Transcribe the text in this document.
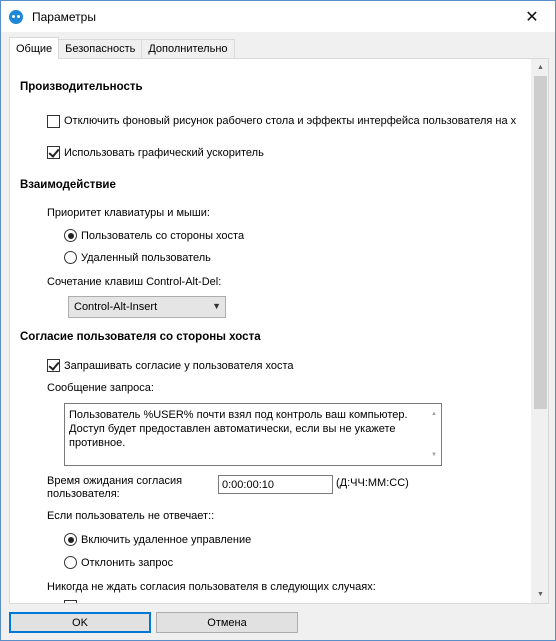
Параметры	✕
Общие	Безопасность	Дополнительно
Производительность
Отключить фоновый рисунок рабочего стола и эффекты интерфейса пользователя на х
Использовать графический ускоритель
Взаимодействие
Приоритет клавиатуры и мыши:
Пользователь со стороны хоста
Удаленный пользователь
Сочетание клавиш Control-Alt-Del:
Control-Alt-Insert	▼
Согласие пользователя со стороны хоста
Запрашивать согласие у пользователя хоста
Сообщение запроса:
Пользователь %USER% почти взял под контроль ваш компьютер. Доступ будет предоставлен автоматически, если вы не укажете противное.
▲
▼
Время ожидания согласия
пользователя:
0:00:00:10	(Д:ЧЧ:ММ:СС)
Если пользователь не отвечает::
Включить удаленное управление
Отклонить запрос
Никогда не ждать согласия пользователя в следующих случаях:
▲
▼
OK	Отмена
